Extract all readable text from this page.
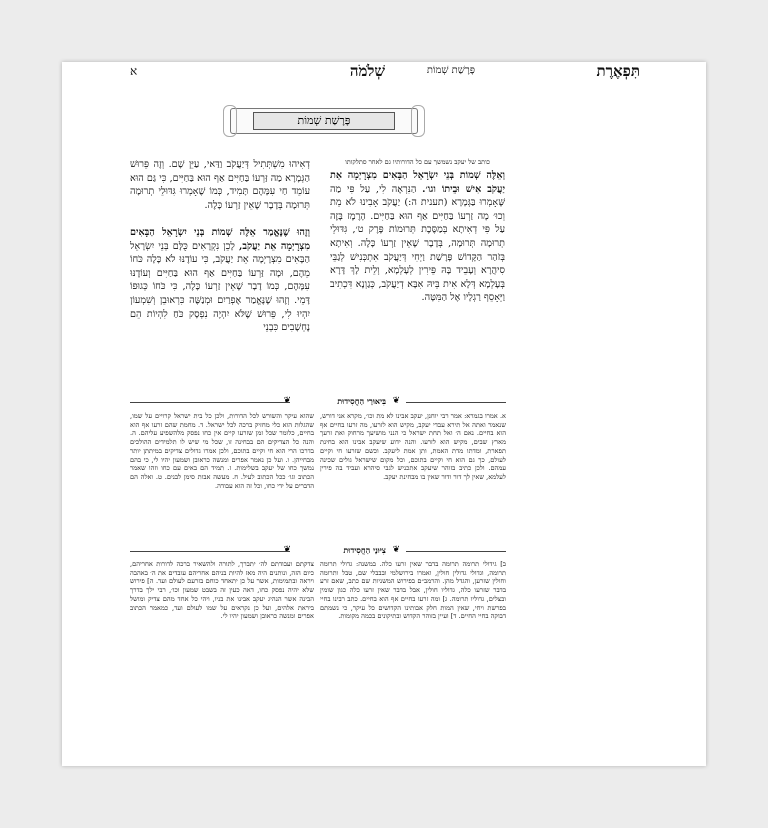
תִּפְאֶרֶת
פָּרָשַׁת שְׁמוֹת
שְׁלֹמֹה
א
פָּרָשַׁת שְׁמוֹת
כותב של יעקב נשמשך עם כל הדורותיו גם לאחר סתלקותו
וְאֵלֶּה שְׁמוֹת בְּנֵי יִשְׂרָאֵל הַבָּאִים מִצְרָיְמָה אֵת יַעֲקֹב אִישׁ וּבֵיתוֹ וגו׳. הַנִּרְאֶה לִי, עַל פִּי מַה שֶּׁאָמְרוּ בַּגְּמָרָא (תענית ה:) יַעֲקֹב אָבִינוּ לֹא מֵת וְכוּ׳ מָה זַרְעוֹ בַּחַיִּים אַף הוּא בַּחַיִּים. הָרֶמֶז בָּזֶה עַל פִּי דְאִיתָא בְּמַסֶּכֶת תְּרוּמוֹת פֶּרֶק ט׳, גִּדּוּלֵי תְרוּמָה תְּרוּמָה, בְּדָבָר שֶׁאֵין זַרְעוֹ כָּלֶה. וְאִיתָא בְּזֹהַר הַקָּדוֹשׁ פָּרָשַׁת וַיְחִי דְּיַעֲקֹב אִתְכְּנִישׁ לְגַבֵּי סִיהֲרָא וְעָבֵיד בָּהּ פֵּירִין לְעָלְמָא, וְלֵית לָךְ דָּרָא בְּעָלְמָא דְּלָא אִית בֵּיהּ אִבָּא דְיַעֲקֹב, כְּגַוְנָא דִּכְתִיב וַיֵּאָסֵף רַגְלָיו אֶל הַמִּטָּה.
דְאִיהוּ מִשְׁתְּתִיל דְּיַעֲקֹב וַדַּאי, עַיֵּן שָׁם. וְזֶה פֵּרוּשׁ הַגְּמָרָא מַה זַּרְעוֹ בַּחַיִּים אַף הוּא בַּחַיִּים, כִּי גַּם הוּא עוֹמֵד חַי עִמָּהֶם תָּמִיד, כְּמוֹ שֶׁאָמְרוּ גִּדּוּלֵי תְרוּמָה תְּרוּמָה בְּדָבָר שֶׁאֵין זַרְעוֹ כָּלֶה.

וְזֶהוּ שֶׁנֶּאֱמַר אֵלֶּה שְׁמוֹת בְּנֵי יִשְׂרָאֵל הַבָּאִים מִצְרָיְמָה אֵת יַעֲקֹב, לָכֵן נִקְרָאִים כֻּלָּם בְּנֵי יִשְׂרָאֵל הַבָּאִים מִצְרָיְמָה אֵת יַעֲקֹב, כִּי עוֹדֶנּוּ לֹא כָּלָה כֹּחוֹ מֵהֶם, וּמָה זַּרְעוֹ בַּחַיִּים אַף הוּא בַּחַיִּים וְעוֹדֶנּוּ עִמָּהֶם, כְּמוֹ דָבָר שֶׁאֵין זַרְעוֹ כָּלֶה, כִּי כֹּחוֹ כְּגוּפוֹ דָּמֵי. וְזֶהוּ שֶׁנֶּאֱמַר אֶפְרַיִם וּמְנַשֶּׁה כִּרְאוּבֵן וְשִׁמְעוֹן יִהְיוּ לִי, פֵּרוּשׁ שֶׁלֹּא יִהְיֶה נִפְסָק כֹּחַ לִהְיוֹת הֵם נֶחְשָׁבִים כִּבְנֵי
❦
בִּיאוּרֵי הַחֲסִידוּת
❦
א. אמרו בגמרא: אמר רבי יוחנן, יעקב אבינו לא מת וכו׳, מקרא אני דורש, שנאמר ואתה אל תירא עבדי יעקב, מקיש הוא לזרעו, מה זרעו בחיים אף הוא בחיים. נאם ה׳ ואל תחת ישראל כי הנני מושיעך מרחוק ואת זרעך מארץ שבים, מקיש הוא לזרעו. והנה ידוע שיעקב אבינו הוא בחינת תפארת, ומדתו מדת האמת, ותן אמת ליעקב. וכשם שזרעו חי וקיים לעולם, כך גם הוא חי וקיים בתוכם, וכל מקום שישראל גולים שכינה עמהם. ולכן כתיב בזוהר שיעקב אתכניש לגבי סיהרא ועביד בה פירין לעלמא, שאין לך דור ודור שאין בו מבחינת יעקב.
שהוא עיקר והשורש לכל הדורות, ולכן כל בית ישראל קרויים על שמו, שהגלות הוא כלי מחזיק ברכה לכל ישראל. ד. מחמת שהם זרעו אף הוא בחיים, כלומר שכל זמן שזרעו קיים אין כחו נפסק מלהשפיע עליהם. ה. והנה כל הצדיקים הם בבחינה זו, שכל מי שיש לו תלמידים ההולכים בדרכו הרי הוא חי וקיים בתוכם, ולכן אמרו גדולים צדיקים במיתתן יותר מבחייהן. ו. ועל כן נאמר אפרים ומנשה כראובן ושמעון יהיו לי, כי בהם נמשך כחו של יעקב בשלימות. ז. תמיד הם באים עם כחו וזהו שאמר הכתוב וגו׳ ככל הכתוב לעיל. ח. מעשה אבות סימן לבנים. ט. ואלה הם הדברים על ידי כחו, וכל זה הוא עבודה.
❦
צִיּוּנֵי הַחֲסִידוּת
❦
ב] גידולי תרומה תרומה בדבר שאין זרעו כלה. במשנה: גדולי תרומה תרומה, וגדולי גדולין חולין, ואמרו בירושלמי ובבבלי שם, טבל ותרומה וחולין שזרען, והגדל מהן. והרמב״ם בפירוש המשניות שם כתב, שאם זרע בדבר שזרעו כלה, גדוליו חולין, אבל בדבר שאין זרעו כלה כגון שומין ובצלים, גדוליו תרומה. ג] ומה זרעו בחיים אף הוא בחיים. כתב רבינו בחיי בפרשת ויחי, שאין המות חלק אבותינו הקדושים כל עיקר, כי נשמתם דבוקה בחיי החיים. ד] ועיין בזוהר הקדוש ובתיקונים בכמה מקומות.
צדקתם ועבודתם לה׳ יתברך, לתורה ולהשאיר ברכה לדורות אחריהם, כיום הזה, ונותנים היה מאז להיות בניהם אחריהם עובדים את ה׳ באהבה ויראה ובתמימות, אשר על כן יתאחד כוחם בזרעם לעולם ועד. ה] פירוש שלא יהיה נפסק כחו, דאה כעין זה בשבט שמעון וכו׳, רבי ילך בדרך הבינה אשר הנהיג יעקב אבינו את בניו, ויהי כל אחד מהם צדיק ומושל ביראת אלהים, ועל כן נקראים על שמו לעולם ועד, כמאמר הכתוב אפרים ומנשה כראובן ושמעון יהיו לי.
